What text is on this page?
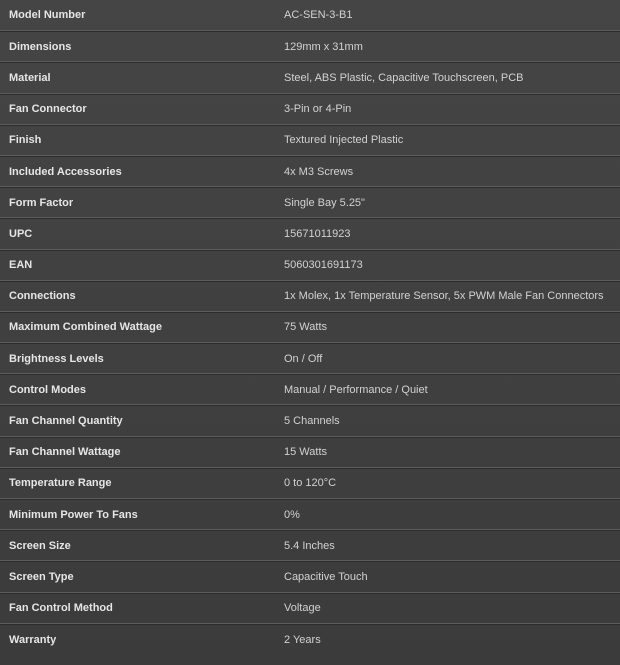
Model Number	AC-SEN-3-B1
Dimensions	129mm x 31mm
Material	Steel, ABS Plastic, Capacitive Touchscreen, PCB
Fan Connector	3-Pin or 4-Pin
Finish	Textured Injected Plastic
Included Accessories	4x M3 Screws
Form Factor	Single Bay 5.25"
UPC	15671011923
EAN	5060301691173
Connections	1x Molex, 1x Temperature Sensor, 5x PWM Male Fan Connectors
Maximum Combined Wattage	75 Watts
Brightness Levels	On / Off
Control Modes	Manual / Performance / Quiet
Fan Channel Quantity	5 Channels
Fan Channel Wattage	15 Watts
Temperature Range	0 to 120°C
Minimum Power To Fans	0%
Screen Size	5.4 Inches
Screen Type	Capacitive Touch
Fan Control Method	Voltage
Warranty	2 Years
